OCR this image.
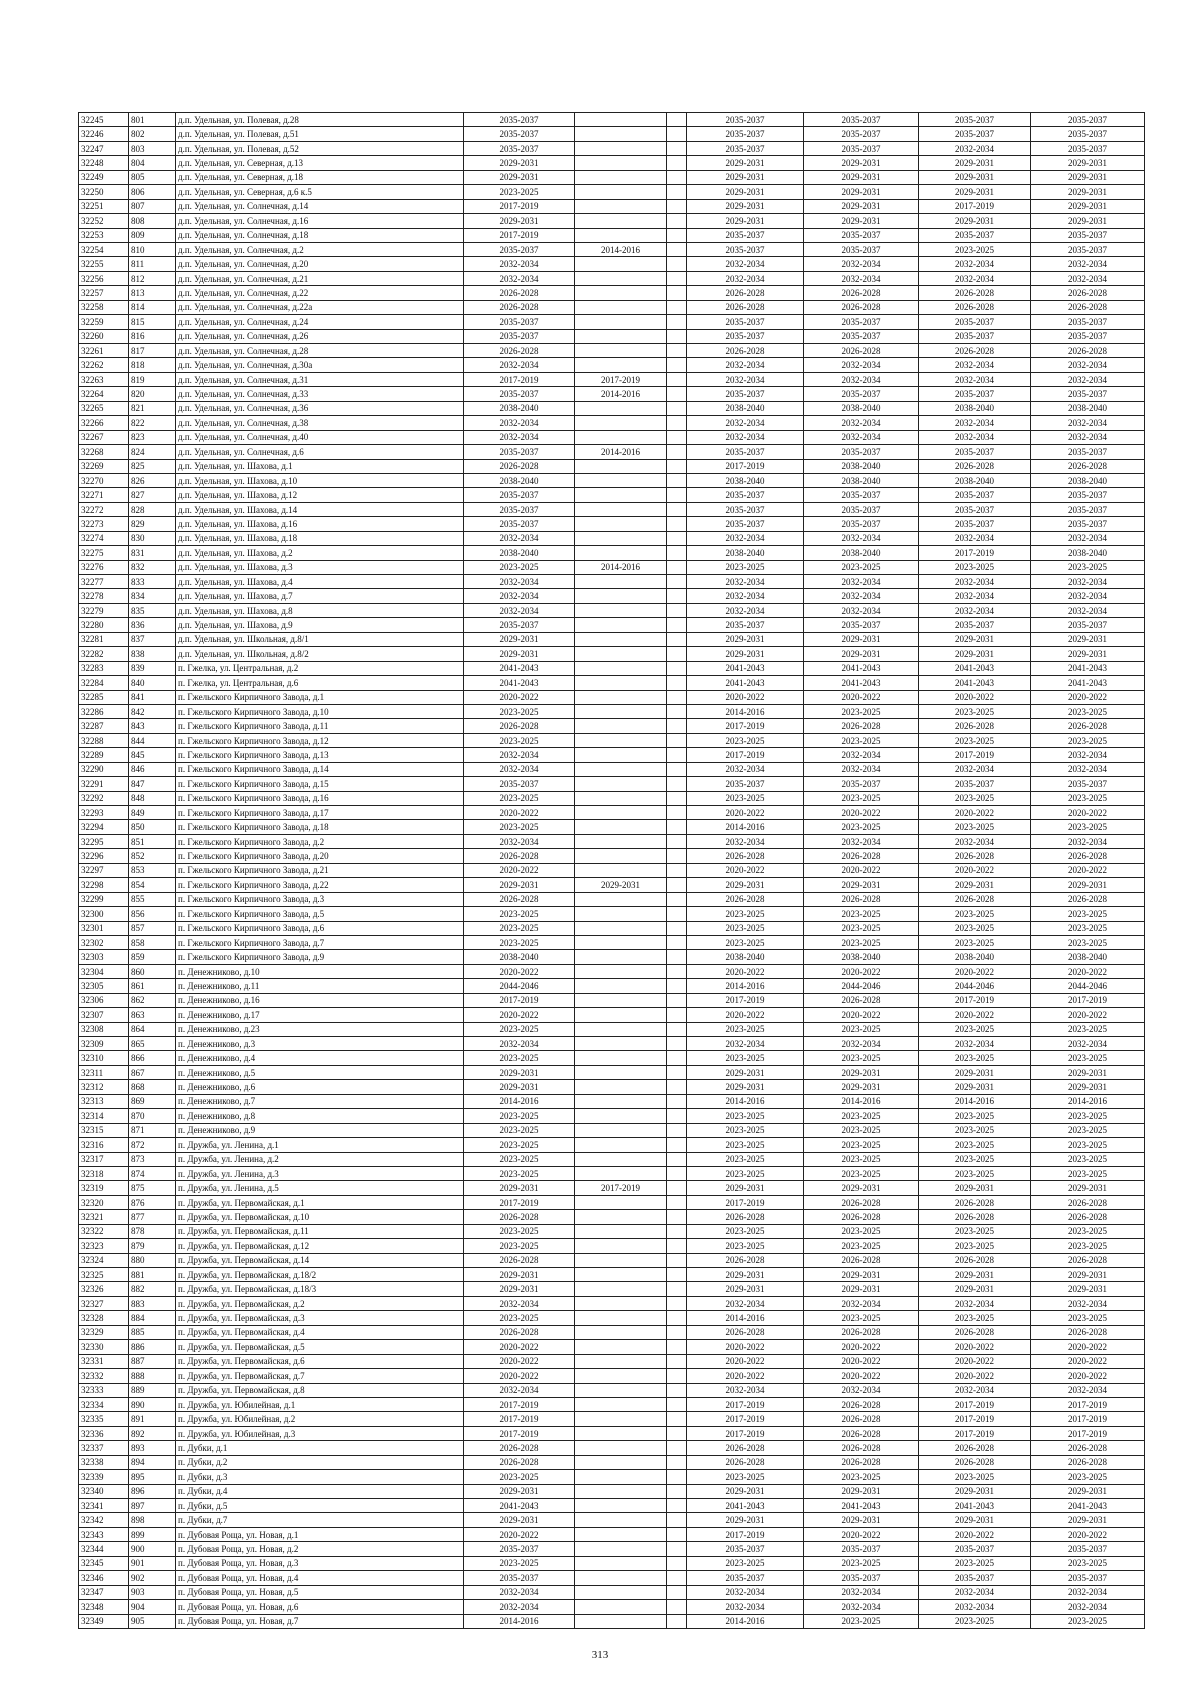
32245	801	д.п. Удельная, ул. Полевая, д.28	2035-2037			2035-2037	2035-2037	2035-2037	2035-2037
32246	802	д.п. Удельная, ул. Полевая, д.51	2035-2037			2035-2037	2035-2037	2035-2037	2035-2037
32247	803	д.п. Удельная, ул. Полевая, д.52	2035-2037			2035-2037	2035-2037	2032-2034	2035-2037
32248	804	д.п. Удельная, ул. Северная, д.13	2029-2031			2029-2031	2029-2031	2029-2031	2029-2031
32249	805	д.п. Удельная, ул. Северная, д.18	2029-2031			2029-2031	2029-2031	2029-2031	2029-2031
32250	806	д.п. Удельная, ул. Северная, д.6 к.5	2023-2025			2029-2031	2029-2031	2029-2031	2029-2031
32251	807	д.п. Удельная, ул. Солнечная, д.14	2017-2019			2029-2031	2029-2031	2017-2019	2029-2031
32252	808	д.п. Удельная, ул. Солнечная, д.16	2029-2031			2029-2031	2029-2031	2029-2031	2029-2031
32253	809	д.п. Удельная, ул. Солнечная, д.18	2017-2019			2035-2037	2035-2037	2035-2037	2035-2037
32254	810	д.п. Удельная, ул. Солнечная, д.2	2035-2037	2014-2016		2035-2037	2035-2037	2023-2025	2035-2037
32255	811	д.п. Удельная, ул. Солнечная, д.20	2032-2034			2032-2034	2032-2034	2032-2034	2032-2034
32256	812	д.п. Удельная, ул. Солнечная, д.21	2032-2034			2032-2034	2032-2034	2032-2034	2032-2034
32257	813	д.п. Удельная, ул. Солнечная, д.22	2026-2028			2026-2028	2026-2028	2026-2028	2026-2028
32258	814	д.п. Удельная, ул. Солнечная, д.22а	2026-2028			2026-2028	2026-2028	2026-2028	2026-2028
32259	815	д.п. Удельная, ул. Солнечная, д.24	2035-2037			2035-2037	2035-2037	2035-2037	2035-2037
32260	816	д.п. Удельная, ул. Солнечная, д.26	2035-2037			2035-2037	2035-2037	2035-2037	2035-2037
32261	817	д.п. Удельная, ул. Солнечная, д.28	2026-2028			2026-2028	2026-2028	2026-2028	2026-2028
32262	818	д.п. Удельная, ул. Солнечная, д.30а	2032-2034			2032-2034	2032-2034	2032-2034	2032-2034
32263	819	д.п. Удельная, ул. Солнечная, д.31	2017-2019	2017-2019		2032-2034	2032-2034	2032-2034	2032-2034
32264	820	д.п. Удельная, ул. Солнечная, д.33	2035-2037	2014-2016		2035-2037	2035-2037	2035-2037	2035-2037
32265	821	д.п. Удельная, ул. Солнечная, д.36	2038-2040			2038-2040	2038-2040	2038-2040	2038-2040
32266	822	д.п. Удельная, ул. Солнечная, д.38	2032-2034			2032-2034	2032-2034	2032-2034	2032-2034
32267	823	д.п. Удельная, ул. Солнечная, д.40	2032-2034			2032-2034	2032-2034	2032-2034	2032-2034
32268	824	д.п. Удельная, ул. Солнечная, д.6	2035-2037	2014-2016		2035-2037	2035-2037	2035-2037	2035-2037
32269	825	д.п. Удельная, ул. Шахова, д.1	2026-2028			2017-2019	2038-2040	2026-2028	2026-2028
32270	826	д.п. Удельная, ул. Шахова, д.10	2038-2040			2038-2040	2038-2040	2038-2040	2038-2040
32271	827	д.п. Удельная, ул. Шахова, д.12	2035-2037			2035-2037	2035-2037	2035-2037	2035-2037
32272	828	д.п. Удельная, ул. Шахова, д.14	2035-2037			2035-2037	2035-2037	2035-2037	2035-2037
32273	829	д.п. Удельная, ул. Шахова, д.16	2035-2037			2035-2037	2035-2037	2035-2037	2035-2037
32274	830	д.п. Удельная, ул. Шахова, д.18	2032-2034			2032-2034	2032-2034	2032-2034	2032-2034
32275	831	д.п. Удельная, ул. Шахова, д.2	2038-2040			2038-2040	2038-2040	2017-2019	2038-2040
32276	832	д.п. Удельная, ул. Шахова, д.3	2023-2025	2014-2016		2023-2025	2023-2025	2023-2025	2023-2025
32277	833	д.п. Удельная, ул. Шахова, д.4	2032-2034			2032-2034	2032-2034	2032-2034	2032-2034
32278	834	д.п. Удельная, ул. Шахова, д.7	2032-2034			2032-2034	2032-2034	2032-2034	2032-2034
32279	835	д.п. Удельная, ул. Шахова, д.8	2032-2034			2032-2034	2032-2034	2032-2034	2032-2034
32280	836	д.п. Удельная, ул. Шахова, д.9	2035-2037			2035-2037	2035-2037	2035-2037	2035-2037
32281	837	д.п. Удельная, ул. Школьная, д.8/1	2029-2031			2029-2031	2029-2031	2029-2031	2029-2031
32282	838	д.п. Удельная, ул. Школьная, д.8/2	2029-2031			2029-2031	2029-2031	2029-2031	2029-2031
32283	839	п. Гжелка, ул. Центральная, д.2	2041-2043			2041-2043	2041-2043	2041-2043	2041-2043
32284	840	п. Гжелка, ул. Центральная, д.6	2041-2043			2041-2043	2041-2043	2041-2043	2041-2043
32285	841	п. Гжельского Кирпичного Завода, д.1	2020-2022			2020-2022	2020-2022	2020-2022	2020-2022
32286	842	п. Гжельского Кирпичного Завода, д.10	2023-2025			2014-2016	2023-2025	2023-2025	2023-2025
32287	843	п. Гжельского Кирпичного Завода, д.11	2026-2028			2017-2019	2026-2028	2026-2028	2026-2028
32288	844	п. Гжельского Кирпичного Завода, д.12	2023-2025			2023-2025	2023-2025	2023-2025	2023-2025
32289	845	п. Гжельского Кирпичного Завода, д.13	2032-2034			2017-2019	2032-2034	2017-2019	2032-2034
32290	846	п. Гжельского Кирпичного Завода, д.14	2032-2034			2032-2034	2032-2034	2032-2034	2032-2034
32291	847	п. Гжельского Кирпичного Завода, д.15	2035-2037			2035-2037	2035-2037	2035-2037	2035-2037
32292	848	п. Гжельского Кирпичного Завода, д.16	2023-2025			2023-2025	2023-2025	2023-2025	2023-2025
32293	849	п. Гжельского Кирпичного Завода, д.17	2020-2022			2020-2022	2020-2022	2020-2022	2020-2022
32294	850	п. Гжельского Кирпичного Завода, д.18	2023-2025			2014-2016	2023-2025	2023-2025	2023-2025
32295	851	п. Гжельского Кирпичного Завода, д.2	2032-2034			2032-2034	2032-2034	2032-2034	2032-2034
32296	852	п. Гжельского Кирпичного Завода, д.20	2026-2028			2026-2028	2026-2028	2026-2028	2026-2028
32297	853	п. Гжельского Кирпичного Завода, д.21	2020-2022			2020-2022	2020-2022	2020-2022	2020-2022
32298	854	п. Гжельского Кирпичного Завода, д.22	2029-2031	2029-2031		2029-2031	2029-2031	2029-2031	2029-2031
32299	855	п. Гжельского Кирпичного Завода, д.3	2026-2028			2026-2028	2026-2028	2026-2028	2026-2028
32300	856	п. Гжельского Кирпичного Завода, д.5	2023-2025			2023-2025	2023-2025	2023-2025	2023-2025
32301	857	п. Гжельского Кирпичного Завода, д.6	2023-2025			2023-2025	2023-2025	2023-2025	2023-2025
32302	858	п. Гжельского Кирпичного Завода, д.7	2023-2025			2023-2025	2023-2025	2023-2025	2023-2025
32303	859	п. Гжельского Кирпичного Завода, д.9	2038-2040			2038-2040	2038-2040	2038-2040	2038-2040
32304	860	п. Денежниково, д.10	2020-2022			2020-2022	2020-2022	2020-2022	2020-2022
32305	861	п. Денежниково, д.11	2044-2046			2014-2016	2044-2046	2044-2046	2044-2046
32306	862	п. Денежниково, д.16	2017-2019			2017-2019	2026-2028	2017-2019	2017-2019
32307	863	п. Денежниково, д.17	2020-2022			2020-2022	2020-2022	2020-2022	2020-2022
32308	864	п. Денежниково, д.23	2023-2025			2023-2025	2023-2025	2023-2025	2023-2025
32309	865	п. Денежниково, д.3	2032-2034			2032-2034	2032-2034	2032-2034	2032-2034
32310	866	п. Денежниково, д.4	2023-2025			2023-2025	2023-2025	2023-2025	2023-2025
32311	867	п. Денежниково, д.5	2029-2031			2029-2031	2029-2031	2029-2031	2029-2031
32312	868	п. Денежниково, д.6	2029-2031			2029-2031	2029-2031	2029-2031	2029-2031
32313	869	п. Денежниково, д.7	2014-2016			2014-2016	2014-2016	2014-2016	2014-2016
32314	870	п. Денежниково, д.8	2023-2025			2023-2025	2023-2025	2023-2025	2023-2025
32315	871	п. Денежниково, д.9	2023-2025			2023-2025	2023-2025	2023-2025	2023-2025
32316	872	п. Дружба, ул. Ленина, д.1	2023-2025			2023-2025	2023-2025	2023-2025	2023-2025
32317	873	п. Дружба, ул. Ленина, д.2	2023-2025			2023-2025	2023-2025	2023-2025	2023-2025
32318	874	п. Дружба, ул. Ленина, д.3	2023-2025			2023-2025	2023-2025	2023-2025	2023-2025
32319	875	п. Дружба, ул. Ленина, д.5	2029-2031	2017-2019		2029-2031	2029-2031	2029-2031	2029-2031
32320	876	п. Дружба, ул. Первомайская, д.1	2017-2019			2017-2019	2026-2028	2026-2028	2026-2028
32321	877	п. Дружба, ул. Первомайская, д.10	2026-2028			2026-2028	2026-2028	2026-2028	2026-2028
32322	878	п. Дружба, ул. Первомайская, д.11	2023-2025			2023-2025	2023-2025	2023-2025	2023-2025
32323	879	п. Дружба, ул. Первомайская, д.12	2023-2025			2023-2025	2023-2025	2023-2025	2023-2025
32324	880	п. Дружба, ул. Первомайская, д.14	2026-2028			2026-2028	2026-2028	2026-2028	2026-2028
32325	881	п. Дружба, ул. Первомайская, д.18/2	2029-2031			2029-2031	2029-2031	2029-2031	2029-2031
32326	882	п. Дружба, ул. Первомайская, д.18/3	2029-2031			2029-2031	2029-2031	2029-2031	2029-2031
32327	883	п. Дружба, ул. Первомайская, д.2	2032-2034			2032-2034	2032-2034	2032-2034	2032-2034
32328	884	п. Дружба, ул. Первомайская, д.3	2023-2025			2014-2016	2023-2025	2023-2025	2023-2025
32329	885	п. Дружба, ул. Первомайская, д.4	2026-2028			2026-2028	2026-2028	2026-2028	2026-2028
32330	886	п. Дружба, ул. Первомайская, д.5	2020-2022			2020-2022	2020-2022	2020-2022	2020-2022
32331	887	п. Дружба, ул. Первомайская, д.6	2020-2022			2020-2022	2020-2022	2020-2022	2020-2022
32332	888	п. Дружба, ул. Первомайская, д.7	2020-2022			2020-2022	2020-2022	2020-2022	2020-2022
32333	889	п. Дружба, ул. Первомайская, д.8	2032-2034			2032-2034	2032-2034	2032-2034	2032-2034
32334	890	п. Дружба, ул. Юбилейная, д.1	2017-2019			2017-2019	2026-2028	2017-2019	2017-2019
32335	891	п. Дружба, ул. Юбилейная, д.2	2017-2019			2017-2019	2026-2028	2017-2019	2017-2019
32336	892	п. Дружба, ул. Юбилейная, д.3	2017-2019			2017-2019	2026-2028	2017-2019	2017-2019
32337	893	п. Дубки, д.1	2026-2028			2026-2028	2026-2028	2026-2028	2026-2028
32338	894	п. Дубки, д.2	2026-2028			2026-2028	2026-2028	2026-2028	2026-2028
32339	895	п. Дубки, д.3	2023-2025			2023-2025	2023-2025	2023-2025	2023-2025
32340	896	п. Дубки, д.4	2029-2031			2029-2031	2029-2031	2029-2031	2029-2031
32341	897	п. Дубки, д.5	2041-2043			2041-2043	2041-2043	2041-2043	2041-2043
32342	898	п. Дубки, д.7	2029-2031			2029-2031	2029-2031	2029-2031	2029-2031
32343	899	п. Дубовая Роща, ул. Новая, д.1	2020-2022			2017-2019	2020-2022	2020-2022	2020-2022
32344	900	п. Дубовая Роща, ул. Новая, д.2	2035-2037			2035-2037	2035-2037	2035-2037	2035-2037
32345	901	п. Дубовая Роща, ул. Новая, д.3	2023-2025			2023-2025	2023-2025	2023-2025	2023-2025
32346	902	п. Дубовая Роща, ул. Новая, д.4	2035-2037			2035-2037	2035-2037	2035-2037	2035-2037
32347	903	п. Дубовая Роща, ул. Новая, д.5	2032-2034			2032-2034	2032-2034	2032-2034	2032-2034
32348	904	п. Дубовая Роща, ул. Новая, д.6	2032-2034			2032-2034	2032-2034	2032-2034	2032-2034
32349	905	п. Дубовая Роща, ул. Новая, д.7	2014-2016			2014-2016	2023-2025	2023-2025	2023-2025
313
